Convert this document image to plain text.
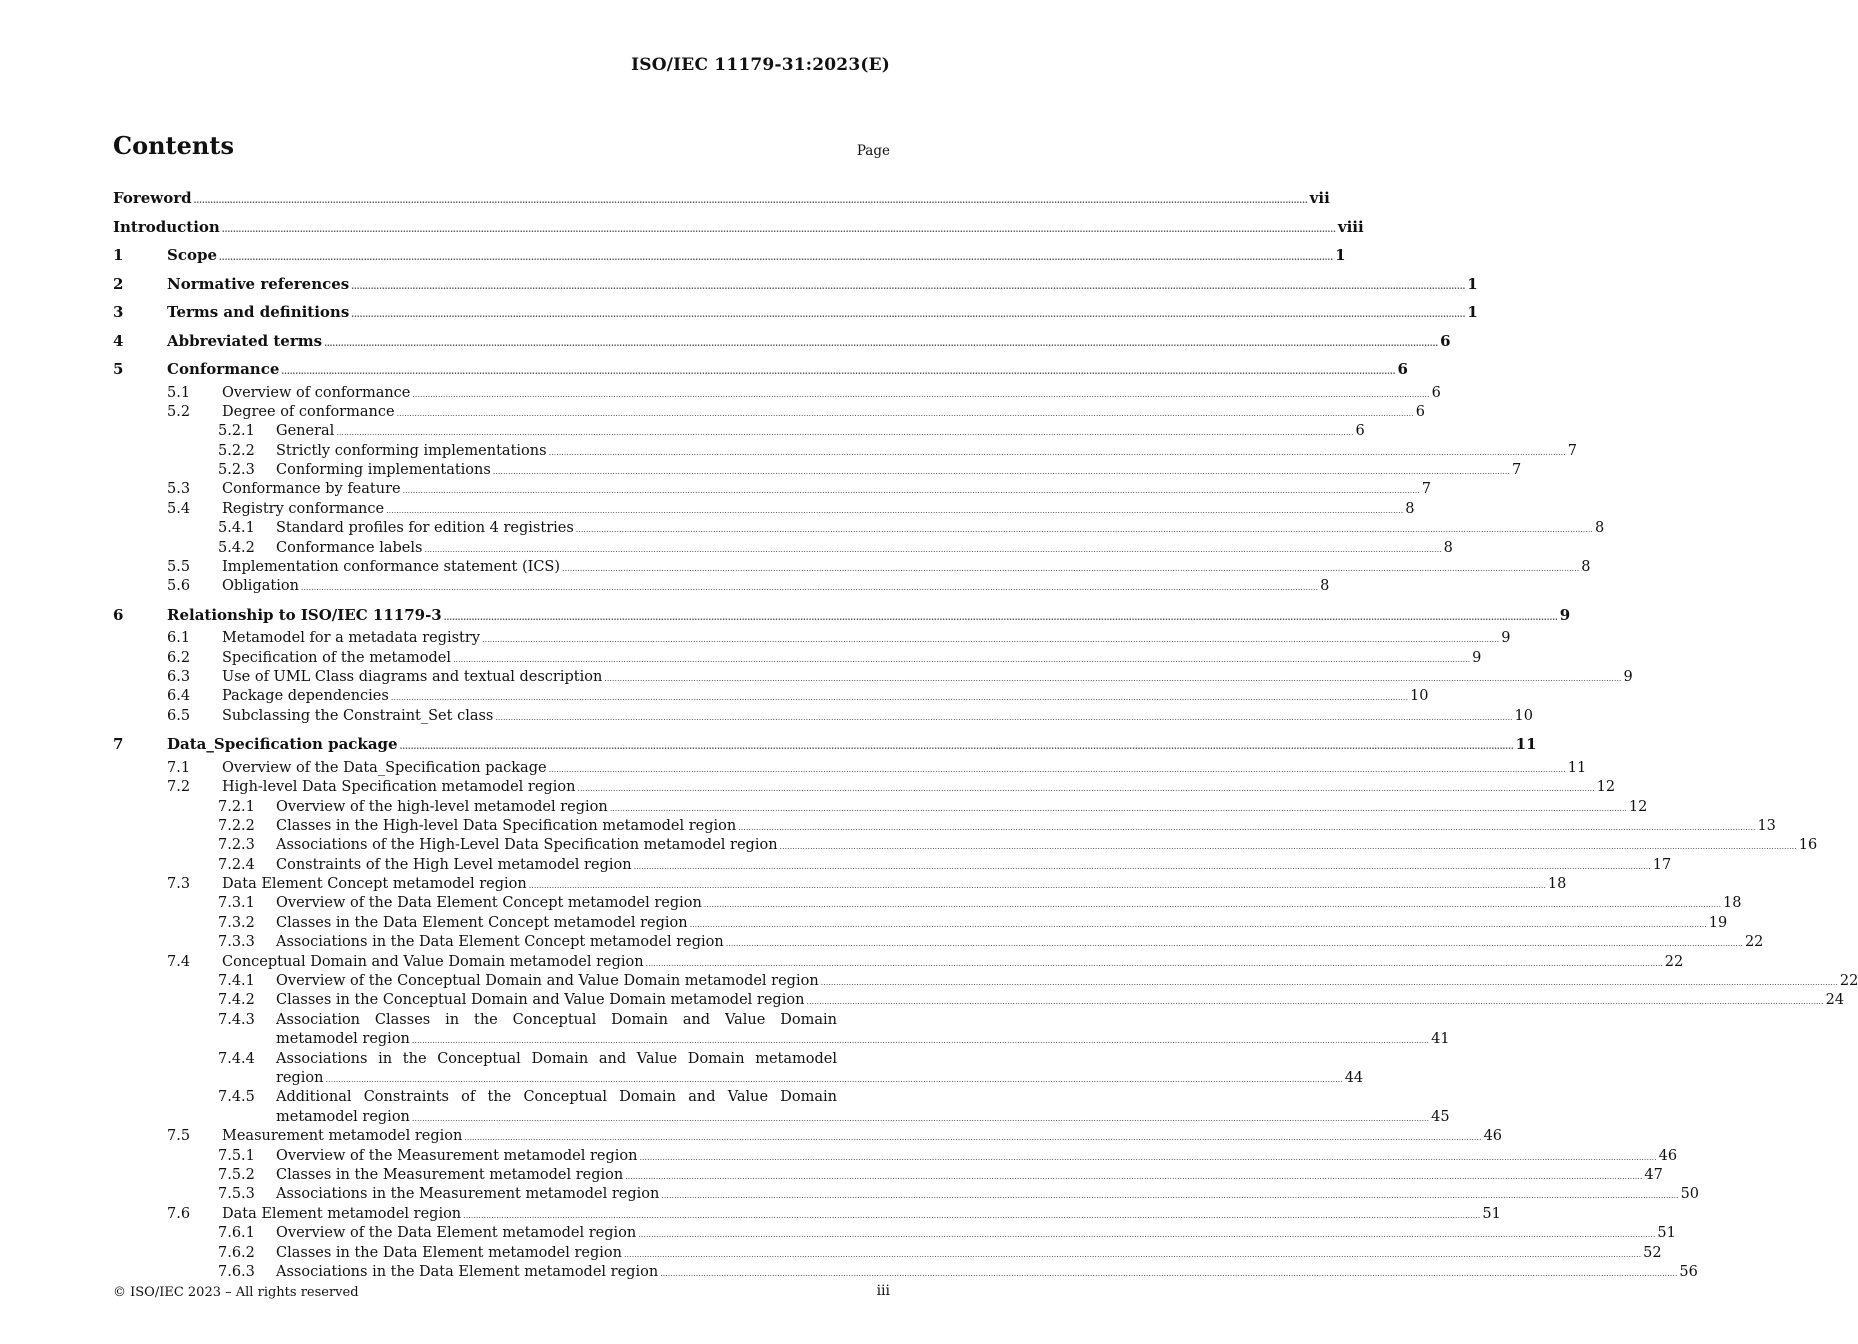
ISO/IEC 11179-31:2023(E)
Contents	Page
Foreword ................................................................................................................................................................................................................................................................................................................................................................................................................ vii
Introduction ................................................................................................................................................................................................................................................................................................................................................................................................................ viii
1	Scope ................................................................................................................................................................................................................................................................................................................................................................................................................ 1
2	Normative references ................................................................................................................................................................................................................................................................................................................................................................................................................ 1
3	Terms and definitions ................................................................................................................................................................................................................................................................................................................................................................................................................ 1
4	Abbreviated terms ................................................................................................................................................................................................................................................................................................................................................................................................................ 6
5	Conformance ................................................................................................................................................................................................................................................................................................................................................................................................................ 6
5.1 Overview of conformance ................................................................................................................................................................................................................................................................................................................................................................................................................ 6
5.2 Degree of conformance ................................................................................................................................................................................................................................................................................................................................................................................................................ 6
5.2.1 General ................................................................................................................................................................................................................................................................................................................................................................................................................ 6
5.2.2 Strictly conforming implementations ................................................................................................................................................................................................................................................................................................................................................................................................................ 7
5.2.3 Conforming implementations ................................................................................................................................................................................................................................................................................................................................................................................................................ 7
5.3 Conformance by feature ................................................................................................................................................................................................................................................................................................................................................................................................................ 7
5.4 Registry conformance ................................................................................................................................................................................................................................................................................................................................................................................................................ 8
5.4.1 Standard profiles for edition 4 registries ................................................................................................................................................................................................................................................................................................................................................................................................................ 8
5.4.2 Conformance labels ................................................................................................................................................................................................................................................................................................................................................................................................................ 8
5.5 Implementation conformance statement (ICS) ................................................................................................................................................................................................................................................................................................................................................................................................................ 8
5.6 Obligation ................................................................................................................................................................................................................................................................................................................................................................................................................ 8
6	Relationship to ISO/IEC 11179-3 ................................................................................................................................................................................................................................................................................................................................................................................................................ 9
6.1 Metamodel for a metadata registry ................................................................................................................................................................................................................................................................................................................................................................................................................ 9
6.2 Specification of the metamodel ................................................................................................................................................................................................................................................................................................................................................................................................................ 9
6.3 Use of UML Class diagrams and textual description ................................................................................................................................................................................................................................................................................................................................................................................................................ 9
6.4 Package dependencies ................................................................................................................................................................................................................................................................................................................................................................................................................ 10
6.5 Subclassing the Constraint_Set class ................................................................................................................................................................................................................................................................................................................................................................................................................ 10
7	Data_Specification package ................................................................................................................................................................................................................................................................................................................................................................................................................ 11
7.1 Overview of the Data_Specification package ................................................................................................................................................................................................................................................................................................................................................................................................................ 11
7.2 High-level Data Specification metamodel region ................................................................................................................................................................................................................................................................................................................................................................................................................ 12
7.2.1 Overview of the high-level metamodel region ................................................................................................................................................................................................................................................................................................................................................................................................................ 12
7.2.2 Classes in the High-level Data Specification metamodel region ................................................................................................................................................................................................................................................................................................................................................................................................................ 13
7.2.3 Associations of the High-Level Data Specification metamodel region ................................................................................................................................................................................................................................................................................................................................................................................................................ 16
7.2.4 Constraints of the High Level metamodel region ................................................................................................................................................................................................................................................................................................................................................................................................................ 17
7.3 Data Element Concept metamodel region ................................................................................................................................................................................................................................................................................................................................................................................................................ 18
7.3.1 Overview of the Data Element Concept metamodel region ................................................................................................................................................................................................................................................................................................................................................................................................................ 18
7.3.2 Classes in the Data Element Concept metamodel region ................................................................................................................................................................................................................................................................................................................................................................................................................ 19
7.3.3 Associations in the Data Element Concept metamodel region ................................................................................................................................................................................................................................................................................................................................................................................................................ 22
7.4 Conceptual Domain and Value Domain metamodel region ................................................................................................................................................................................................................................................................................................................................................................................................................ 22
7.4.1 Overview of the Conceptual Domain and Value Domain metamodel region ................................................................................................................................................................................................................................................................................................................................................................................................................ 22
7.4.2 Classes in the Conceptual Domain and Value Domain metamodel region ................................................................................................................................................................................................................................................................................................................................................................................................................ 24
7.4.3 Association Classes in the Conceptual Domain and Value Domain
metamodel region ................................................................................................................................................................................................................................................................................................................................................................................................................ 41
7.4.4 Associations in the Conceptual Domain and Value Domain metamodel
region ................................................................................................................................................................................................................................................................................................................................................................................................................ 44
7.4.5 Additional Constraints of the Conceptual Domain and Value Domain
metamodel region ................................................................................................................................................................................................................................................................................................................................................................................................................ 45
7.5 Measurement metamodel region ................................................................................................................................................................................................................................................................................................................................................................................................................ 46
7.5.1 Overview of the Measurement metamodel region ................................................................................................................................................................................................................................................................................................................................................................................................................ 46
7.5.2 Classes in the Measurement metamodel region ................................................................................................................................................................................................................................................................................................................................................................................................................ 47
7.5.3 Associations in the Measurement metamodel region ................................................................................................................................................................................................................................................................................................................................................................................................................ 50
7.6 Data Element metamodel region ................................................................................................................................................................................................................................................................................................................................................................................................................ 51
7.6.1 Overview of the Data Element metamodel region ................................................................................................................................................................................................................................................................................................................................................................................................................ 51
7.6.2 Classes in the Data Element metamodel region ................................................................................................................................................................................................................................................................................................................................................................................................................ 52
7.6.3 Associations in the Data Element metamodel region ................................................................................................................................................................................................................................................................................................................................................................................................................ 56
© ISO/IEC 2023 – All rights reserved	iii
